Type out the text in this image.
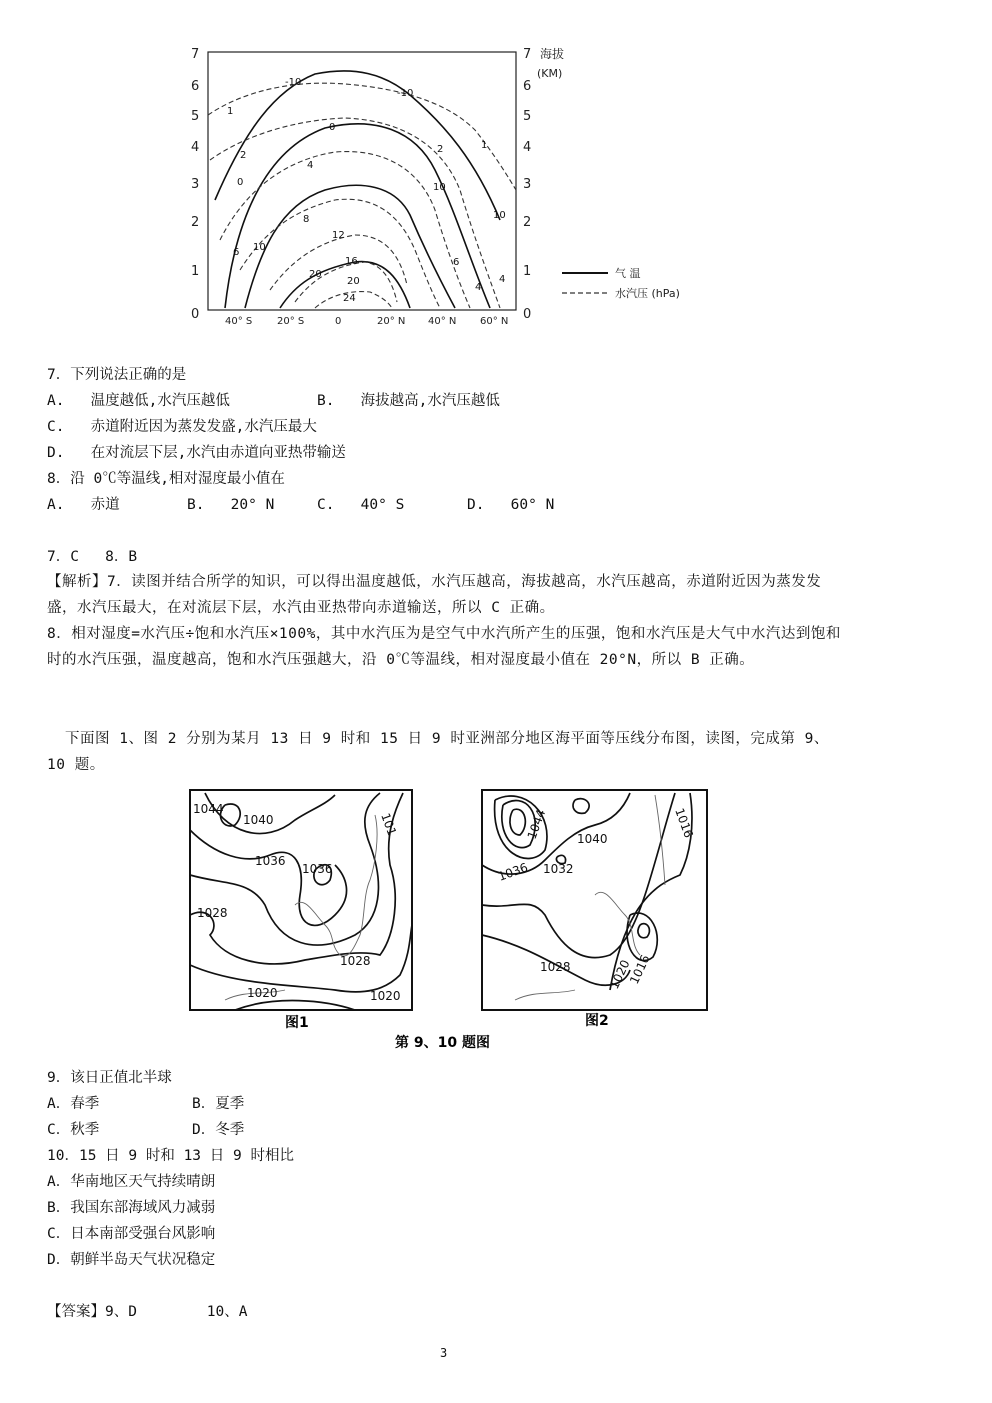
0
1
2
3
4
5
6
7
0
1
2
3
4
5
6
7 海拔
(KM)
40° S 20° S	0	20° N 40° N 60° N
-10
-10
0
0
10
10
20
10
1
1
2
2
4
4
6
8
12
16
20
24
6
4
气 温
水汽压 (hPa)
7．下列说法正确的是
A.   温度越低,水汽压越低	B.   海拔越高,水汽压越低
C.   赤道附近因为蒸发发盛,水汽压最大
D.   在对流层下层,水汽由赤道向亚热带输送
8．沿 0℃等温线,相对湿度最小值在
A.   赤道	B.   20° N	C.   40° S	D.   60° N
7．C   8．B
【解析】7．读图并结合所学的知识，可以得出温度越低，水汽压越高，海拔越高，水汽压越高，赤道附近因为蒸发发盛，水汽压最大，在对流层下层，水汽由亚热带向赤道输送，所以 C 正确。
8．相对湿度=水汽压÷饱和水汽压×100%，其中水汽压为是空气中水汽所产生的压强，饱和水汽压是大气中水汽达到饱和时的水汽压强，温度越高，饱和水汽压强越大，沿 0℃等温线，相对湿度最小值在 20°N，所以 B 正确。
下面图 1、图 2 分别为某月 13 日 9 时和 15 日 9 时亚洲部分地区海平面等压线分布图，读图，完成第 9、10 题。
1044
1040
1036
1036
1028
1028
1020	1020
101
图1
1044 1040
1036 1032
1028	1020
1016
1016
图2
第 9、10 题图
9．该日正值北半球
A．春季	B．夏季
C．秋季	D．冬季
10．15 日 9 时和 13 日 9 时相比
A．华南地区天气持续晴朗
B．我国东部海域风力减弱
C．日本南部受强台风影响
D．朝鲜半岛天气状况稳定
【答案】9、D        10、A
3
